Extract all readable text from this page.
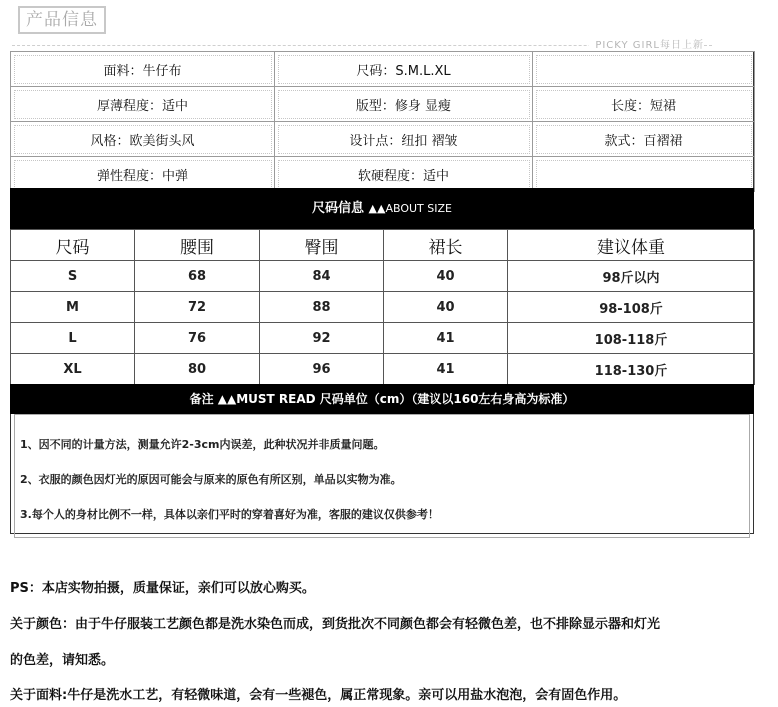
产品信息
PICKY GIRL每日上新
面料：牛仔布	尺码：S.M.L.XL	
厚薄程度：适中	版型：修身 显瘦	长度：短裙
风格：欧美街头风	设计点：纽扣 褶皱	款式：百褶裙
弹性程度：中弹	软硬程度：适中	
尺码信息 ▲▲ABOUT SIZE
尺码	腰围	臀围	裙长	建议体重
S	68	84	40	98斤以内
M	72	88	40	98-108斤
L	76	92	41	108-118斤
XL	80	96	41	118-130斤
备注 ▲▲MUST READ 尺码单位（cm）（建议以160左右身高为标准）
1、因不同的计量方法，测量允许2-3cm内误差，此种状况并非质量问题。
2、衣服的颜色因灯光的原因可能会与原来的原色有所区别，单品以实物为准。
3.每个人的身材比例不一样，具体以亲们平时的穿着喜好为准，客服的建议仅供参考！
PS：本店实物拍摄，质量保证，亲们可以放心购买。
关于颜色：由于牛仔服装工艺颜色都是洗水染色而成，到货批次不同颜色都会有轻微色差，也不排除显示器和灯光
的色差，请知悉。
关于面料:牛仔是洗水工艺，有轻微味道，会有一些褪色，属正常现象。亲可以用盐水泡泡，会有固色作用。
